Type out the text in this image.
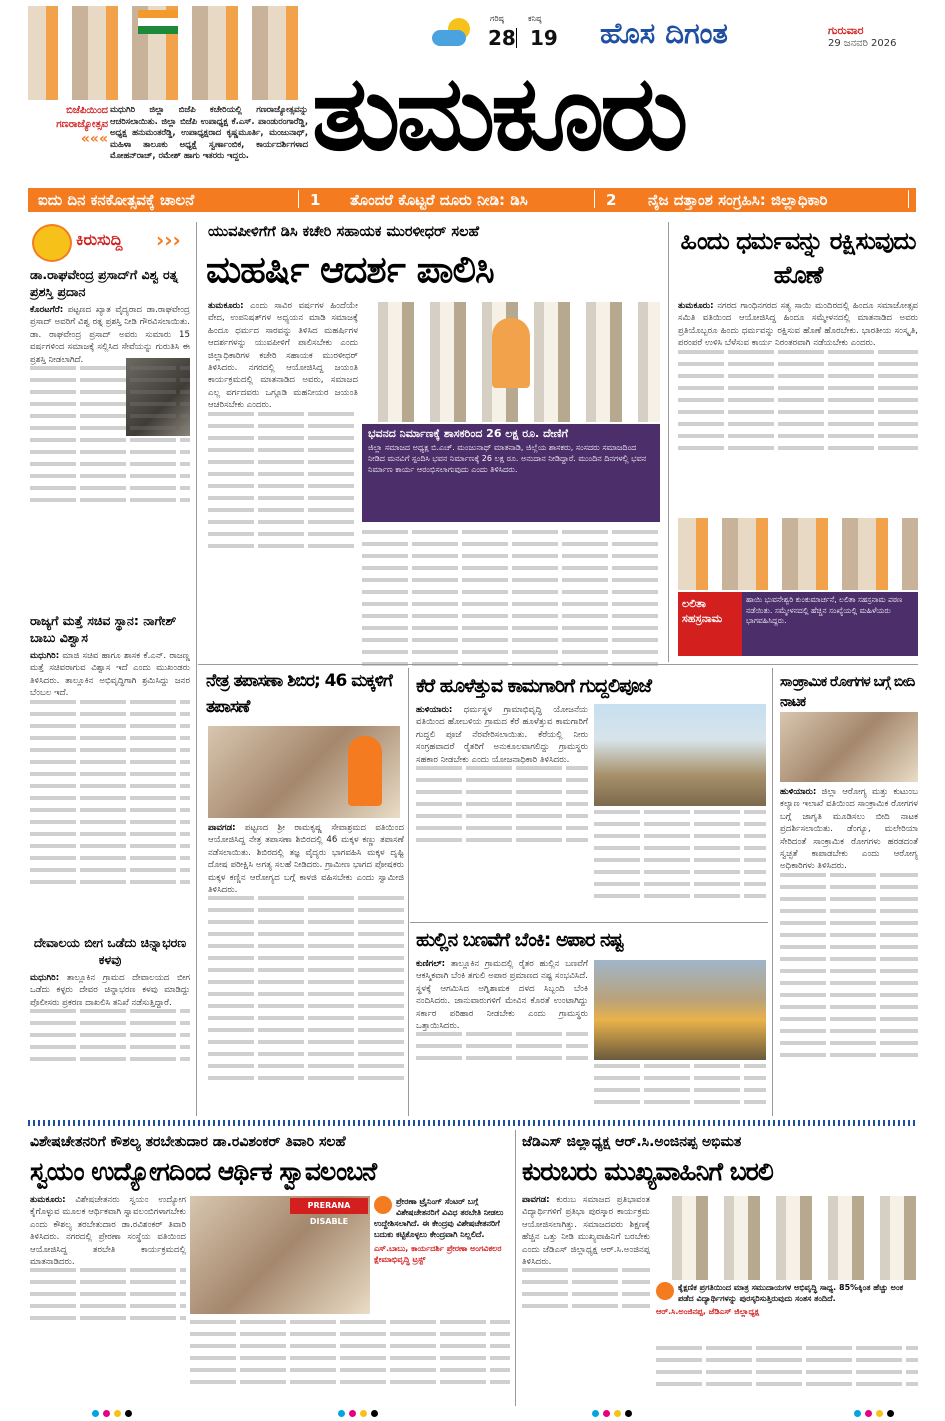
ಬಿಜೆಪಿಯಿಂದ
ಗಣರಾಜ್ಯೋತ್ಸವ
«««
ಮಧುಗಿರಿ ಜಿಲ್ಲಾ ಬಿಜೆಪಿ ಕಚೇರಿಯಲ್ಲಿ ಗಣರಾಜ್ಯೋತ್ಸವನ್ನು ಆಚರಿಸಲಾಯಿತು. ಜಿಲ್ಲಾ ಬಿಜೆಪಿ ಉಪಾಧ್ಯಕ್ಷ ಕೆ.ಎಸ್. ಪಾಂಡುರಂಗಾರೆಡ್ಡಿ, ಅಧ್ಯಕ್ಷ ಹನುಮಂತರೆಡ್ಡಿ, ಉಪಾಧ್ಯಕ್ಷರಾದ ಕೃಷ್ಣಮೂರ್ತಿ, ಮಂಜುನಾಥ್, ಮಹಿಳಾ ತಾಲೂಕು ಅಧ್ಯಕ್ಷೆ ಸ್ವರ್ಣಾಂಬಿಕ, ಕಾರ್ಯದರ್ಶಿಗಳಾದ ಮೋಹನ್‌ರಾಜ್, ರಮೇಶ್ ಹಾಗು ಇತರರು ಇದ್ದರು.
ಗರಿಷ್ಠ
28
ಕನಿಷ್ಠ
19 ಹೊಸ ದಿಗಂತ	ಗುರುವಾರ
29 ಜನವರಿ 2026
ತುಮಕೂರು
ಐದು ದಿನ ಕನಕೋತ್ಸವಕ್ಕೆ ಚಾಲನೆ	1 ತೊಂದರೆ ಕೊಟ್ಟರೆ ದೂರು ನೀಡಿ: ಡಿಸಿ	2 ನೈಜ ದತ್ತಾಂಶ ಸಂಗ್ರಹಿಸಿ: ಜಿಲ್ಲಾಧಿಕಾರಿ	4
ಕಿರುಸುದ್ದಿ ›››
ಡಾ.ರಾಘವೇಂದ್ರ ಪ್ರಸಾದ್‌ಗೆ ವಿಶ್ವ ರತ್ನ ಪ್ರಶಸ್ತಿ ಪ್ರದಾನ
ಕೊರಟಗೆರೆ: ಪಟ್ಟಣದ ಖ್ಯಾತ ವೈದ್ಯರಾದ ಡಾ.ರಾಘವೇಂದ್ರ ಪ್ರಸಾದ್ ಅವರಿಗೆ ವಿಶ್ವ ರತ್ನ ಪ್ರಶಸ್ತಿ ನೀಡಿ ಗೌರವಿಸಲಾಯಿತು. ಡಾ. ರಾಘವೇಂದ್ರ ಪ್ರಸಾದ್ ಅವರು ಸುಮಾರು 15 ವರ್ಷಗಳಿಂದ ಸಮಾಜಕ್ಕೆ ಸಲ್ಲಿಸಿದ ಸೇವೆಯನ್ನು ಗುರುತಿಸಿ ಈ ಪ್ರಶಸ್ತಿ ನೀಡಲಾಗಿದೆ.
ರಾಜ್ಯಗೆ ಮತ್ತೆ ಸಚಿವ ಸ್ಥಾನ: ನಾಗೇಶ್ ಬಾಬು ವಿಶ್ವಾಸ
ಮಧುಗಿರಿ: ಮಾಜಿ ಸಚಿವ ಹಾಗೂ ಶಾಸಕ ಕೆ.ಎನ್. ರಾಜಣ್ಣ ಮತ್ತೆ ಸಚಿವರಾಗುವ ವಿಶ್ವಾಸ ಇದೆ ಎಂದು ಮುಖಂಡರು ತಿಳಿಸಿದರು. ತಾಲ್ಲೂಕಿನ ಅಭಿವೃದ್ಧಿಗಾಗಿ ಶ್ರಮಿಸಿದ್ದು ಜನರ ಬೆಂಬಲ ಇದೆ.
ದೇವಾಲಯ ಬೀಗ ಒಡೆದು ಚಿನ್ನಾಭರಣ ಕಳವು
ಮಧುಗಿರಿ: ತಾಲ್ಲೂಕಿನ ಗ್ರಾಮದ ದೇವಾಲಯದ ಬೀಗ ಒಡೆದು ಕಳ್ಳರು ದೇವರ ಚಿನ್ನಾಭರಣ ಕಳವು ಮಾಡಿದ್ದು ಪೊಲೀಸರು ಪ್ರಕರಣ ದಾಖಲಿಸಿ ತನಿಖೆ ನಡೆಸುತ್ತಿದ್ದಾರೆ.
ಯುವಪೀಳಿಗೆಗೆ ಡಿಸಿ ಕಚೇರಿ ಸಹಾಯಕ ಮುರಳೀಧರ್ ಸಲಹೆ
ಮಹರ್ಷಿ ಆದರ್ಶ ಪಾಲಿಸಿ
ತುಮಕೂರು: ಎಂದು ಸಾವಿರ ವರ್ಷಗಳ ಹಿಂದೆಯೇ ವೇದ, ಉಪನಿಷತ್‌ಗಳ ಅಧ್ಯಯನ ಮಾಡಿ ಸಮಾಜಕ್ಕೆ ಹಿಂದೂ ಧರ್ಮದ ಸಾರವನ್ನು ತಿಳಿಸಿದ ಮಹರ್ಷಿಗಳ ಆದರ್ಶಗಳನ್ನು ಯುವಪೀಳಿಗೆ ಪಾಲಿಸಬೇಕು ಎಂದು ಜಿಲ್ಲಾಧಿಕಾರಿಗಳ ಕಚೇರಿ ಸಹಾಯಕ ಮುರಳೀಧರ್ ತಿಳಿಸಿದರು. ನಗರದಲ್ಲಿ ಆಯೋಜಿಸಿದ್ದ ಜಯಂತಿ ಕಾರ್ಯಕ್ರಮದಲ್ಲಿ ಮಾತನಾಡಿದ ಅವರು, ಸಮಾಜದ ಎಲ್ಲ ವರ್ಗದವರು ಒಗ್ಗೂಡಿ ಮಹನೀಯರ ಜಯಂತಿ ಆಚರಿಸಬೇಕು ಎಂದರು.
ಭವನದ ನಿರ್ಮಾಣಕ್ಕೆ ಶಾಸಕರಿಂದ 26 ಲಕ್ಷ ರೂ. ದೇಣಿಗೆ
ಜಿಲ್ಲಾ ಸಮಾಜದ ಅಧ್ಯಕ್ಷ ಬಿ.ಎಚ್. ಮಂಜುನಾಥ್ ಮಾತನಾಡಿ, ಜಿಲ್ಲೆಯ ಶಾಸಕರು, ಸಂಸದರು ಸಮಾಜದಿಂದ ನೀಡಿದ ಮನವಿಗೆ ಸ್ಪಂದಿಸಿ ಭವನ ನಿರ್ಮಾಣಕ್ಕೆ 26 ಲಕ್ಷ ರೂ. ಅನುದಾನ ನೀಡಿದ್ದಾರೆ. ಮುಂದಿನ ದಿನಗಳಲ್ಲಿ ಭವನ ನಿರ್ಮಾಣ ಕಾರ್ಯ ಆರಂಭಿಸಲಾಗುವುದು ಎಂದು ತಿಳಿಸಿದರು.
ಹಿಂದು ಧರ್ಮವನ್ನು ರಕ್ಷಿಸುವುದು ಹೊಣೆ
ತುಮಕೂರು: ನಗರದ ಗಾಂಧಿನಗರದ ಸತ್ಯ ಸಾಯಿ ಮಂದಿರದಲ್ಲಿ ಹಿಂದೂ ಸಮಾಜೋತ್ಸವ ಸಮಿತಿ ವತಿಯಿಂದ ಆಯೋಜಿಸಿದ್ದ ಹಿಂದೂ ಸಮ್ಮೇಳನದಲ್ಲಿ ಮಾತನಾಡಿದ ಅವರು ಪ್ರತಿಯೊಬ್ಬರೂ ಹಿಂದು ಧರ್ಮವನ್ನು ರಕ್ಷಿಸುವ ಹೊಣೆ ಹೊರಬೇಕು. ಭಾರತೀಯ ಸಂಸ್ಕೃತಿ, ಪರಂಪರೆ ಉಳಿಸಿ ಬೆಳೆಸುವ ಕಾರ್ಯ ನಿರಂತರವಾಗಿ ನಡೆಯಬೇಕು ಎಂದರು.
ಲಲಿತಾ ಸಹಸ್ರನಾಮ
ಹಾಯಿ ಭುವನೇಶ್ವರಿ ಕುಂಕುಮಾರ್ಚನೆ, ಲಲಿತಾ ಸಹಸ್ರನಾಮ ಪಠಣ ನಡೆಯಿತು. ಸಮ್ಮೇಳನದಲ್ಲಿ ಹೆಚ್ಚಿನ ಸಂಖ್ಯೆಯಲ್ಲಿ ಮಹಿಳೆಯರು ಭಾಗವಹಿಸಿದ್ದರು.
ನೇತ್ರ ತಪಾಸಣಾ ಶಿಬಿರ; 46 ಮಕ್ಕಳಿಗೆ ತಪಾಸಣೆ
ಪಾವಗಡ: ಪಟ್ಟಣದ ಶ್ರೀ ರಾಮಕೃಷ್ಣ ಸೇವಾಶ್ರಮದ ವತಿಯಿಂದ ಆಯೋಜಿಸಿದ್ದ ನೇತ್ರ ತಪಾಸಣಾ ಶಿಬಿರದಲ್ಲಿ 46 ಮಕ್ಕಳ ಕಣ್ಣು ತಪಾಸಣೆ ನಡೆಸಲಾಯಿತು. ಶಿಬಿರದಲ್ಲಿ ತಜ್ಞ ವೈದ್ಯರು ಭಾಗವಹಿಸಿ ಮಕ್ಕಳ ದೃಷ್ಟಿ ದೋಷ ಪರೀಕ್ಷಿಸಿ ಅಗತ್ಯ ಸಲಹೆ ನೀಡಿದರು. ಗ್ರಾಮೀಣ ಭಾಗದ ಪೋಷಕರು ಮಕ್ಕಳ ಕಣ್ಣಿನ ಆರೋಗ್ಯದ ಬಗ್ಗೆ ಕಾಳಜಿ ವಹಿಸಬೇಕು ಎಂದು ಸ್ವಾಮೀಜಿ ತಿಳಿಸಿದರು.
ಕೆರೆ ಹೂಳೆತ್ತುವ ಕಾಮಗಾರಿಗೆ ಗುದ್ದಲಿಪೂಜೆ
ಹುಳಿಯಾರು: ಧರ್ಮಸ್ಥಳ ಗ್ರಾಮಾಭಿವೃದ್ಧಿ ಯೋಜನೆಯ ವತಿಯಿಂದ ಹೋಬಳಿಯ ಗ್ರಾಮದ ಕೆರೆ ಹೂಳೆತ್ತುವ ಕಾಮಗಾರಿಗೆ ಗುದ್ದಲಿ ಪೂಜೆ ನೆರವೇರಿಸಲಾಯಿತು. ಕೆರೆಯಲ್ಲಿ ನೀರು ಸಂಗ್ರಹವಾದರೆ ರೈತರಿಗೆ ಅನುಕೂಲವಾಗಲಿದ್ದು ಗ್ರಾಮಸ್ಥರು ಸಹಕಾರ ನೀಡಬೇಕು ಎಂದು ಯೋಜನಾಧಿಕಾರಿ ತಿಳಿಸಿದರು.
ಹುಲ್ಲಿನ ಬಣವೆಗೆ ಬೆಂಕಿ: ಅಪಾರ ನಷ್ಟ
ಕುಣಿಗಲ್: ತಾಲ್ಲೂಕಿನ ಗ್ರಾಮದಲ್ಲಿ ರೈತರ ಹುಲ್ಲಿನ ಬಣವೆಗೆ ಆಕಸ್ಮಿಕವಾಗಿ ಬೆಂಕಿ ತಗುಲಿ ಅಪಾರ ಪ್ರಮಾಣದ ನಷ್ಟ ಸಂಭವಿಸಿದೆ. ಸ್ಥಳಕ್ಕೆ ಆಗಮಿಸಿದ ಅಗ್ನಿಶಾಮಕ ದಳದ ಸಿಬ್ಬಂದಿ ಬೆಂಕಿ ನಂದಿಸಿದರು. ಜಾನುವಾರುಗಳಿಗೆ ಮೇವಿನ ಕೊರತೆ ಉಂಟಾಗಿದ್ದು ಸರ್ಕಾರ ಪರಿಹಾರ ನೀಡಬೇಕು ಎಂದು ಗ್ರಾಮಸ್ಥರು ಒತ್ತಾಯಿಸಿದರು.
ಸಾಂಕ್ರಾಮಿಕ ರೋಗಗಳ ಬಗ್ಗೆ ಬೀದಿ ನಾಟಕ
ಹುಳಿಯಾರು: ಜಿಲ್ಲಾ ಆರೋಗ್ಯ ಮತ್ತು ಕುಟುಂಬ ಕಲ್ಯಾಣ ಇಲಾಖೆ ವತಿಯಿಂದ ಸಾಂಕ್ರಾಮಿಕ ರೋಗಗಳ ಬಗ್ಗೆ ಜಾಗೃತಿ ಮೂಡಿಸಲು ಬೀದಿ ನಾಟಕ ಪ್ರದರ್ಶಿಸಲಾಯಿತು. ಡೆಂಗ್ಯೂ, ಮಲೇರಿಯಾ ಸೇರಿದಂತೆ ಸಾಂಕ್ರಾಮಿಕ ರೋಗಗಳು ಹರಡದಂತೆ ಸ್ವಚ್ಛತೆ ಕಾಪಾಡಬೇಕು ಎಂದು ಆರೋಗ್ಯ ಅಧಿಕಾರಿಗಳು ತಿಳಿಸಿದರು.
ವಿಶೇಷಚೇತನರಿಗೆ ಕೌಶಲ್ಯ ತರಬೇತುದಾರ ಡಾ.ರವಿಶಂಕರ್ ತಿವಾರಿ ಸಲಹೆ
ಸ್ವಯಂ ಉದ್ಯೋಗದಿಂದ ಆರ್ಥಿಕ ಸ್ವಾವಲಂಬನೆ
ತುಮಕೂರು: ವಿಶೇಷಚೇತನರು ಸ್ವಯಂ ಉದ್ಯೋಗ ಕೈಗೊಳ್ಳುವ ಮೂಲಕ ಆರ್ಥಿಕವಾಗಿ ಸ್ವಾವಲಂಬಿಗಳಾಗಬೇಕು ಎಂದು ಕೌಶಲ್ಯ ತರಬೇತುದಾರ ಡಾ.ರವಿಶಂಕರ್ ತಿವಾರಿ ತಿಳಿಸಿದರು. ನಗರದಲ್ಲಿ ಪ್ರೇರಣಾ ಸಂಸ್ಥೆಯ ವತಿಯಿಂದ ಆಯೋಜಿಸಿದ್ದ ತರಬೇತಿ ಕಾರ್ಯಕ್ರಮದಲ್ಲಿ ಮಾತನಾಡಿದರು.
PRERANA DISABLE
ಪ್ರೇರಣಾ ಟ್ರೈನಿಂಗ್ ಸೆಂಟರ್ ಬಗ್ಗೆ ವಿಶೇಷಚೇತನರಿಗೆ ವಿವಿಧ ತರಬೇತಿ ನೀಡಲು ಉದ್ದೇಶಿಸಲಾಗಿದೆ. ಈ ಕೇಂದ್ರವು ವಿಶೇಷಚೇತನರಿಗೆ ಬದುಕು ಕಟ್ಟಿಕೊಳ್ಳಲು ಕೇಂದ್ರವಾಗಿ ನಿಲ್ಲಲಿದೆ.
ಎಸ್.ಬಾಬು, ಕಾರ್ಯದರ್ಶಿ ಪ್ರೇರಣಾ ಅಂಗವಿಕಲರ ಕ್ಷೇಮಾಭಿವೃದ್ಧಿ ಟ್ರಸ್ಟ್
ಜೆಡಿಎಸ್ ಜಿಲ್ಲಾಧ್ಯಕ್ಷ ಆರ್.ಸಿ.ಅಂಜಿನಪ್ಪ ಅಭಿಮತ
ಕುರುಬರು ಮುಖ್ಯವಾಹಿನಿಗೆ ಬರಲಿ
ಪಾವಗಡ: ಕುರುಬ ಸಮಾಜದ ಪ್ರತಿಭಾವಂತ ವಿದ್ಯಾರ್ಥಿಗಳಿಗೆ ಪ್ರತಿಭಾ ಪುರಸ್ಕಾರ ಕಾರ್ಯಕ್ರಮ ಆಯೋಜಿಸಲಾಗಿತ್ತು. ಸಮಾಜದವರು ಶಿಕ್ಷಣಕ್ಕೆ ಹೆಚ್ಚಿನ ಒತ್ತು ನೀಡಿ ಮುಖ್ಯವಾಹಿನಿಗೆ ಬರಬೇಕು ಎಂದು ಜೆಡಿಎಸ್ ಜಿಲ್ಲಾಧ್ಯಕ್ಷ ಆರ್.ಸಿ.ಅಂಜಿನಪ್ಪ ತಿಳಿಸಿದರು.
ಕೈಕ್ಷಣಿಕ ಪ್ರಗತಿಯಿಂದ ಮಾತ್ರ ಸಮುದಾಯಗಳ ಅಭಿವೃದ್ಧಿ ಸಾಧ್ಯ. 85%ಕ್ಕಿಂತ ಹೆಚ್ಚು ಅಂಕ ಪಡೆದ ವಿದ್ಯಾರ್ಥಿಗಳನ್ನು ಪುರಸ್ಕರಿಸುತ್ತಿರುವುದು ಸಂತಸ ತಂದಿದೆ.
ಆರ್.ಸಿ.ಅಂಜಿನಪ್ಪ, ಜೆಡಿಎಸ್ ಜಿಲ್ಲಾಧ್ಯಕ್ಷ
